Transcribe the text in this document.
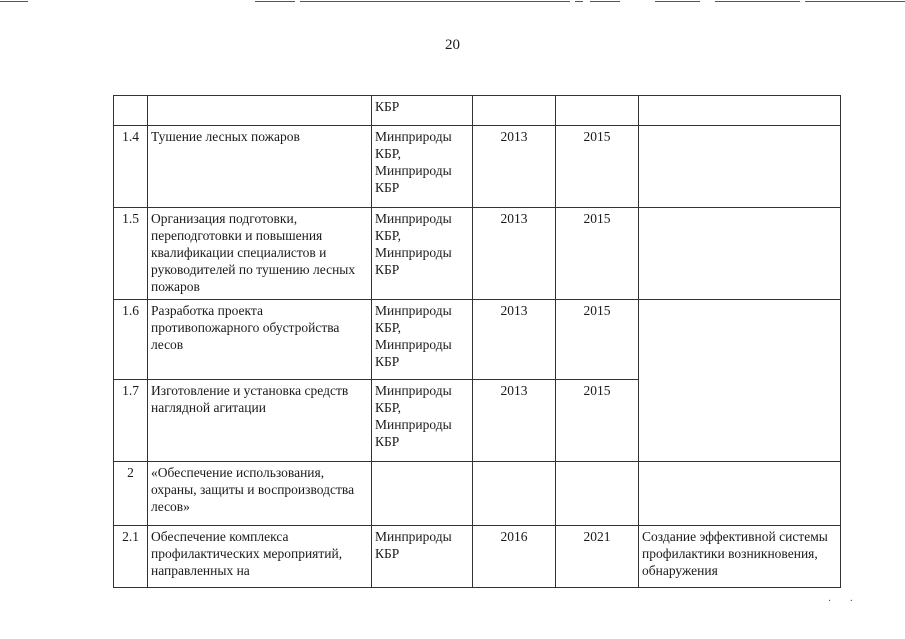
20
		КБР			
1.4	Тушение лесных пожаров	Минприроды КБР, Минприроды КБР	2013	2015	
1.5	Организация подготовки, переподготовки и повышения квалификации специалистов и руководителей по тушению лесных пожаров	Минприроды КБР, Минприроды КБР	2013	2015	
1.6	Разработка проекта противопожарного обустройства лесов	Минприроды КБР, Минприроды КБР	2013	2015	
1.7	Изготовление и установка средств наглядной агитации	Минприроды КБР, Минприроды КБР	2013	2015	
2	«Обеспечение использования, охраны, защиты и воспроизводства лесов»				
2.1	Обеспечение комплекса профилактических мероприятий, направленных на	Минприроды КБР	2016	2021	Создание эффективной системы профилактики возникновения, обнаружения
· ·
